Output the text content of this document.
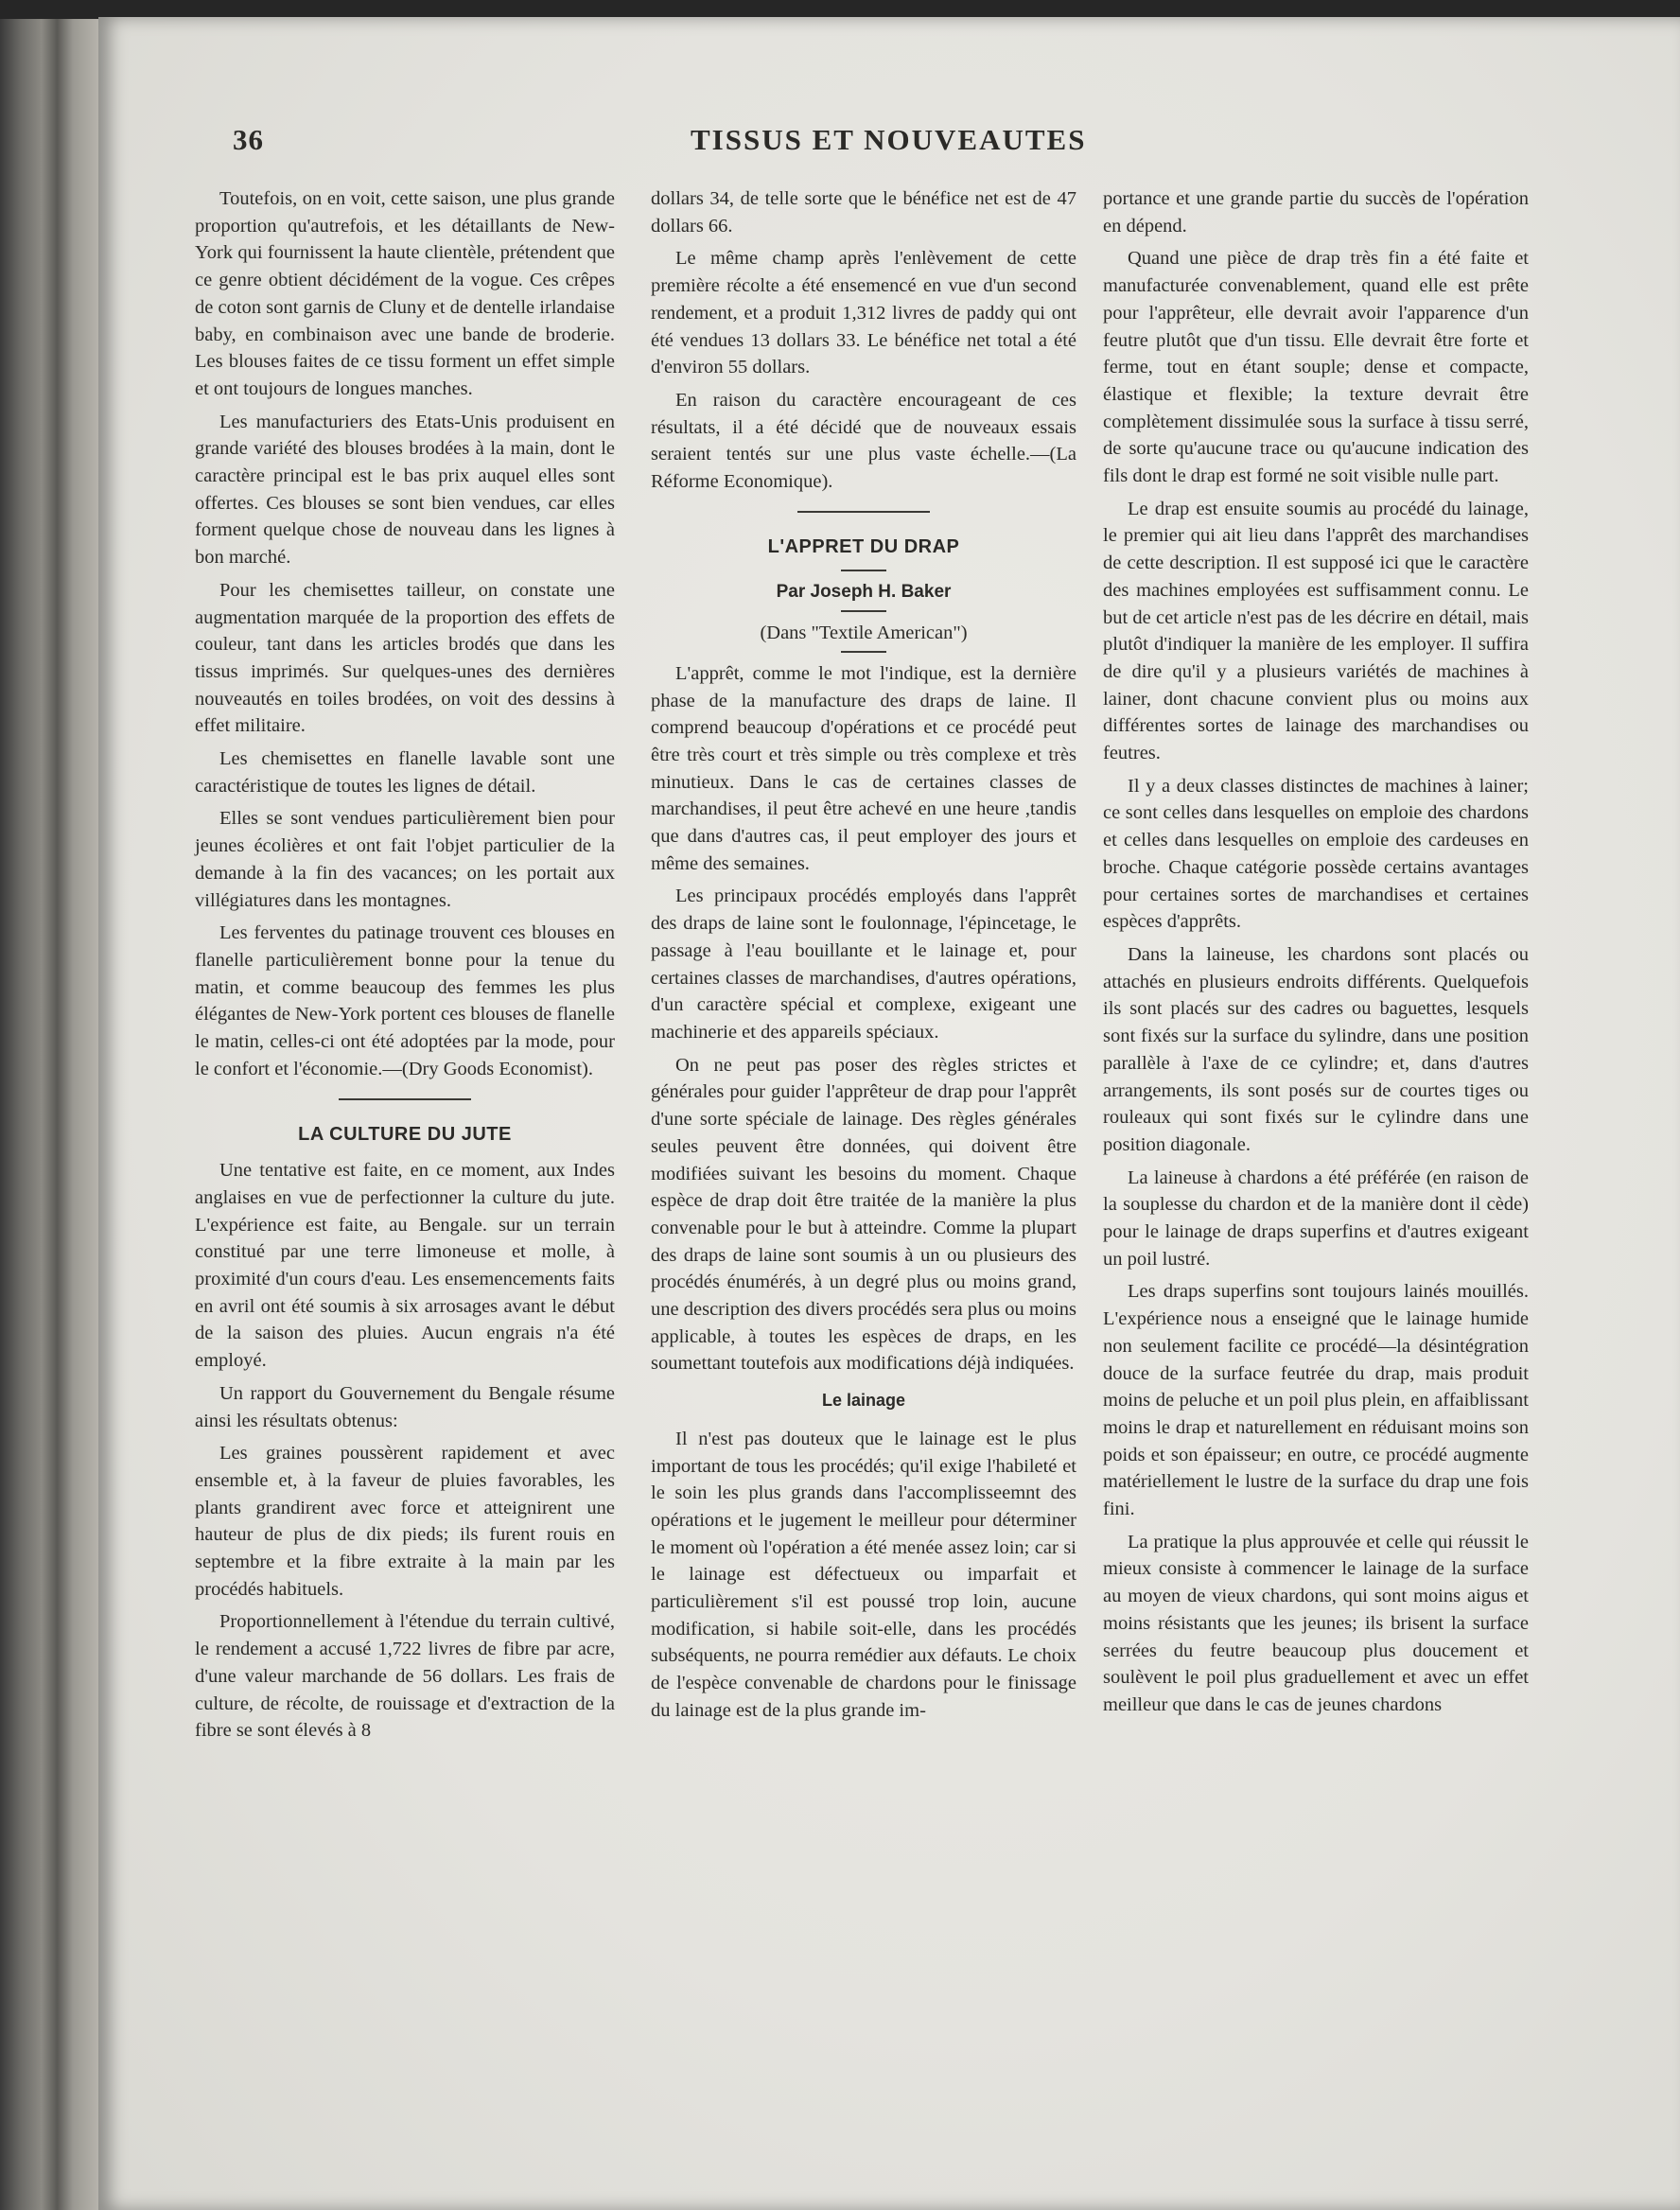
36	TISSUS ET NOUVEAUTES

Toutefois, on en voit, cette saison, une plus grande proportion qu'autrefois, et les détaillants de New-York qui fournissent la haute clientèle, prétendent que ce genre obtient décidément de la vogue. Ces crêpes de coton sont garnis de Cluny et de dentelle irlandaise baby, en combinaison avec une bande de broderie. Les blouses faites de ce tissu forment un effet simple et ont toujours de longues manches.

Les manufacturiers des Etats-Unis produisent en grande variété des blouses brodées à la main, dont le caractère principal est le bas prix auquel elles sont offertes. Ces blouses se sont bien vendues, car elles forment quelque chose de nouveau dans les lignes à bon marché.

Pour les chemisettes tailleur, on constate une augmentation marquée de la proportion des effets de couleur, tant dans les articles brodés que dans les tissus imprimés. Sur quelques-unes des dernières nouveautés en toiles brodées, on voit des dessins à effet militaire.

Les chemisettes en flanelle lavable sont une caractéristique de toutes les lignes de détail.

Elles se sont vendues particulièrement bien pour jeunes écolières et ont fait l'objet particulier de la demande à la fin des vacances; on les portait aux villégiatures dans les montagnes.

Les ferventes du patinage trouvent ces blouses en flanelle particulièrement bonne pour la tenue du matin, et comme beaucoup des femmes les plus élégantes de New-York portent ces blouses de flanelle le matin, celles-ci ont été adoptées par la mode, pour le confort et l'économie.—(Dry Goods Economist).

LA CULTURE DU JUTE

Une tentative est faite, en ce moment, aux Indes anglaises en vue de perfectionner la culture du jute. L'expérience est faite, au Bengale. sur un terrain constitué par une terre limoneuse et molle, à proximité d'un cours d'eau. Les ensemencements faits en avril ont été soumis à six arrosages avant le début de la saison des pluies. Aucun engrais n'a été employé.

Un rapport du Gouvernement du Bengale résume ainsi les résultats obtenus:

Les graines poussèrent rapidement et avec ensemble et, à la faveur de pluies favorables, les plants grandirent avec force et atteignirent une hauteur de plus de dix pieds; ils furent rouis en septembre et la fibre extraite à la main par les procédés habituels.

Proportionnellement à l'étendue du terrain cultivé, le rendement a accusé 1,722 livres de fibre par acre, d'une valeur marchande de 56 dollars. Les frais de culture, de récolte, de rouissage et d'extraction de la fibre se sont élevés à 8

dollars 34, de telle sorte que le bénéfice net est de 47 dollars 66.

Le même champ après l'enlèvement de cette première récolte a été ensemencé en vue d'un second rendement, et a produit 1,312 livres de paddy qui ont été vendues 13 dollars 33. Le bénéfice net total a été d'environ 55 dollars.

En raison du caractère encourageant de ces résultats, il a été décidé que de nouveaux essais seraient tentés sur une plus vaste échelle.—(La Réforme Economique).

L'APPRET DU DRAP
Par Joseph H. Baker
(Dans "Textile American")

L'apprêt, comme le mot l'indique, est la dernière phase de la manufacture des draps de laine. Il comprend beaucoup d'opérations et ce procédé peut être très court et très simple ou très complexe et très minutieux. Dans le cas de certaines classes de marchandises, il peut être achevé en une heure ,tandis que dans d'autres cas, il peut employer des jours et même des semaines.

Les principaux procédés employés dans l'apprêt des draps de laine sont le foulonnage, l'épincetage, le passage à l'eau bouillante et le lainage et, pour certaines classes de marchandises, d'autres opérations, d'un caractère spécial et complexe, exigeant une machinerie et des appareils spéciaux.

On ne peut pas poser des règles strictes et générales pour guider l'apprêteur de drap pour l'apprêt d'une sorte spéciale de lainage. Des règles générales seules peuvent être données, qui doivent être modifiées suivant les besoins du moment. Chaque espèce de drap doit être traitée de la manière la plus convenable pour le but à atteindre. Comme la plupart des draps de laine sont soumis à un ou plusieurs des procédés énumérés, à un degré plus ou moins grand, une description des divers procédés sera plus ou moins applicable, à toutes les espèces de draps, en les soumettant toutefois aux modifications déjà indiquées.

Le lainage

Il n'est pas douteux que le lainage est le plus important de tous les procédés; qu'il exige l'habileté et le soin les plus grands dans l'accomplisseemnt des opérations et le jugement le meilleur pour déterminer le moment où l'opération a été menée assez loin; car si le lainage est défectueux ou imparfait et particulièrement s'il est poussé trop loin, aucune modification, si habile soit-elle, dans les procédés subséquents, ne pourra remédier aux défauts. Le choix de l'espèce convenable de chardons pour le finissage du lainage est de la plus grande im-

portance et une grande partie du succès de l'opération en dépend.

Quand une pièce de drap très fin a été faite et manufacturée convenablement, quand elle est prête pour l'apprêteur, elle devrait avoir l'apparence d'un feutre plutôt que d'un tissu. Elle devrait être forte et ferme, tout en étant souple; dense et compacte, élastique et flexible; la texture devrait être complètement dissimulée sous la surface à tissu serré, de sorte qu'aucune trace ou qu'aucune indication des fils dont le drap est formé ne soit visible nulle part.

Le drap est ensuite soumis au procédé du lainage, le premier qui ait lieu dans l'apprêt des marchandises de cette description. Il est supposé ici que le caractère des machines employées est suffisamment connu. Le but de cet article n'est pas de les décrire en détail, mais plutôt d'indiquer la manière de les employer. Il suffira de dire qu'il y a plusieurs variétés de machines à lainer, dont chacune convient plus ou moins aux différentes sortes de lainage des marchandises ou feutres.

Il y a deux classes distinctes de machines à lainer; ce sont celles dans lesquelles on emploie des chardons et celles dans lesquelles on emploie des cardeuses en broche. Chaque catégorie possède certains avantages pour certaines sortes de marchandises et certaines espèces d'apprêts.

Dans la laineuse, les chardons sont placés ou attachés en plusieurs endroits différents. Quelquefois ils sont placés sur des cadres ou baguettes, lesquels sont fixés sur la surface du sylindre, dans une position parallèle à l'axe de ce cylindre; et, dans d'autres arrangements, ils sont posés sur de courtes tiges ou rouleaux qui sont fixés sur le cylindre dans une position diagonale.

La laineuse à chardons a été préférée (en raison de la souplesse du chardon et de la manière dont il cède) pour le lainage de draps superfins et d'autres exigeant un poil lustré.

Les draps superfins sont toujours lainés mouillés. L'expérience nous a enseigné que le lainage humide non seulement facilite ce procédé—la désintégration douce de la surface feutrée du drap, mais produit moins de peluche et un poil plus plein, en affaiblissant moins le drap et naturellement en réduisant moins son poids et son épaisseur; en outre, ce procédé augmente matériellement le lustre de la surface du drap une fois fini.

La pratique la plus approuvée et celle qui réussit le mieux consiste à commencer le lainage de la surface au moyen de vieux chardons, qui sont moins aigus et moins résistants que les jeunes; ils brisent la surface serrées du feutre beaucoup plus doucement et soulèvent le poil plus graduellement et avec un effet meilleur que dans le cas de jeunes chardons
